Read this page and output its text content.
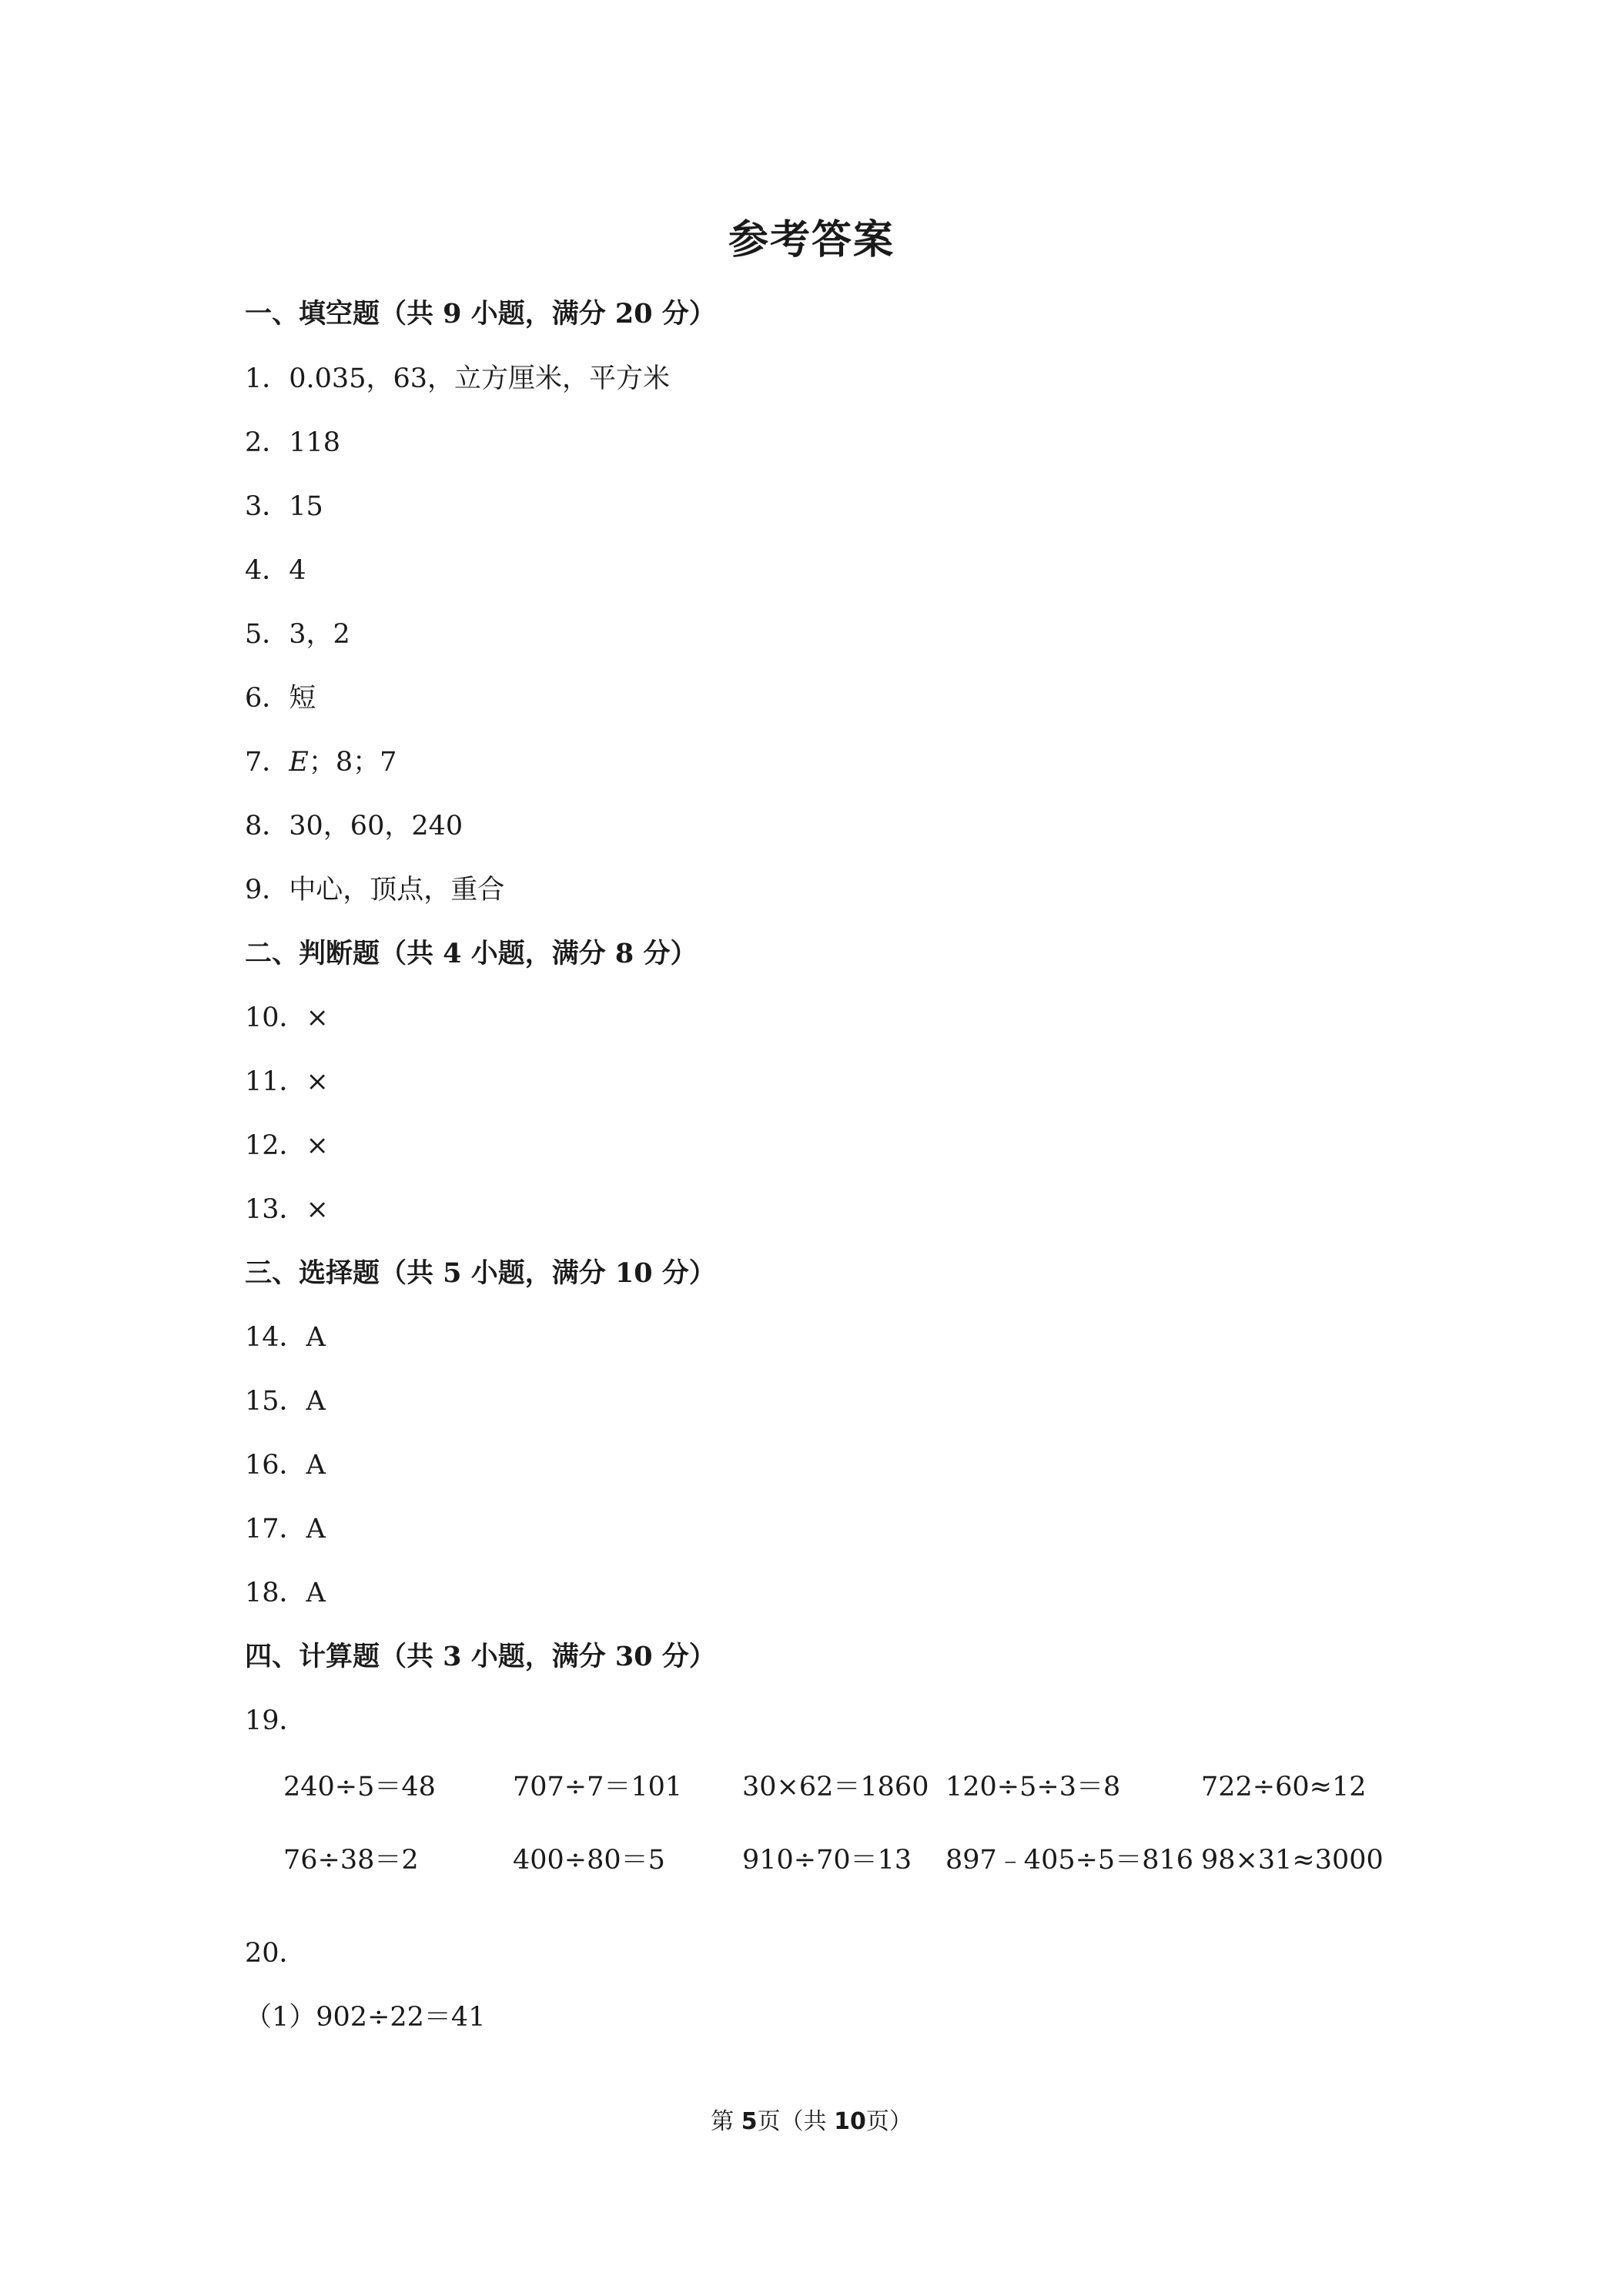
参考答案
一、填空题（共 9 小题，满分 20 分）
1．0.035，63，立方厘米，平方米
2．118
3．15
4．4
5．3，2
6．短
7．E；8；7
8．30，60，240
9．中心，顶点，重合
二、判断题（共 4 小题，满分 8 分）
10．×
11．×
12．×
13．×
三、选择题（共 5 小题，满分 10 分）
14．A
15．A
16．A
17．A
18．A
四、计算题（共 3 小题，满分 30 分）
19．
240÷5＝48	707÷7＝101 30×62＝1860 120÷5÷3＝8	722÷60≈12
76÷38＝2	400÷80＝5	910÷70＝13 897﹣405÷5＝816 98×31≈3000
20．
（1）902÷22＝41
第 5页（共 10页）
